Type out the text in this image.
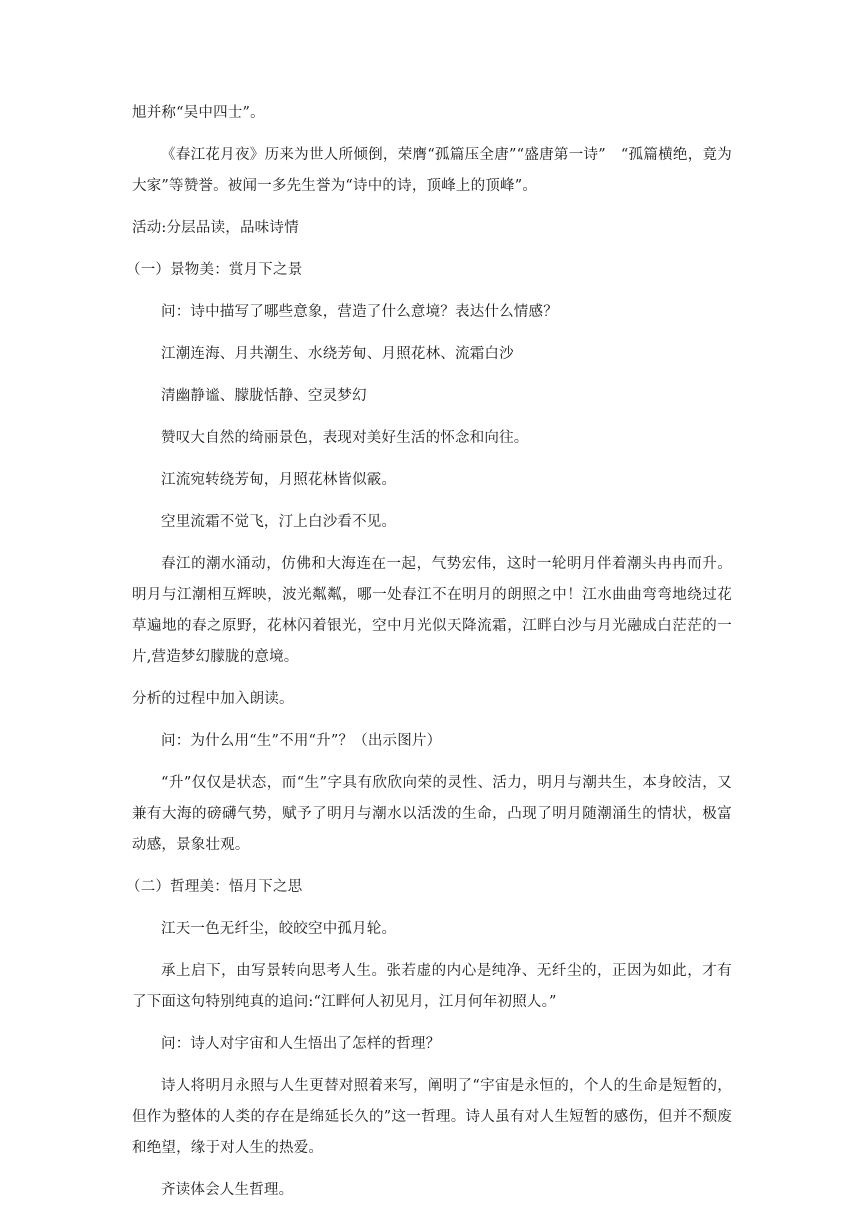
旭并称“吴中四士”。

《春江花月夜》历来为世人所倾倒，荣膺“孤篇压全唐”“盛唐第一诗”　“孤篇横绝，竟为大家”等赞誉。被闻一多先生誉为“诗中的诗，顶峰上的顶峰”。

活动:分层品读，品味诗情

（一）景物美：赏月下之景

问：诗中描写了哪些意象，营造了什么意境？表达什么情感？

江潮连海、月共潮生、水绕芳甸、月照花林、流霜白沙

清幽静谧、朦胧恬静、空灵梦幻

赞叹大自然的绮丽景色，表现对美好生活的怀念和向往。

江流宛转绕芳甸，月照花林皆似霰。

空里流霜不觉飞，汀上白沙看不见。

春江的潮水涌动，仿佛和大海连在一起，气势宏伟，这时一轮明月伴着潮头冉冉而升。明月与江潮相互辉映，波光粼粼，哪一处春江不在明月的朗照之中！江水曲曲弯弯地绕过花草遍地的春之原野，花林闪着银光，空中月光似天降流霜，江畔白沙与月光融成白茫茫的一片,营造梦幻朦胧的意境。

分析的过程中加入朗读。

问：为什么用“生”不用“升”？（出示图片）

“升”仅仅是状态，而“生”字具有欣欣向荣的灵性、活力，明月与潮共生，本身皎洁，又兼有大海的磅礴气势，赋予了明月与潮水以活泼的生命，凸现了明月随潮涌生的情状，极富动感，景象壮观。

（二）哲理美：悟月下之思

江天一色无纤尘，皎皎空中孤月轮。

承上启下，由写景转向思考人生。张若虚的内心是纯净、无纤尘的，正因为如此，才有了下面这句特别纯真的追问:“江畔何人初见月，江月何年初照人。”

问：诗人对宇宙和人生悟出了怎样的哲理？

诗人将明月永照与人生更替对照着来写，阐明了“宇宙是永恒的，个人的生命是短暂的，但作为整体的人类的存在是绵延长久的”这一哲理。诗人虽有对人生短暂的感伤，但并不颓废和绝望，缘于对人生的热爱。

齐读体会人生哲理。
